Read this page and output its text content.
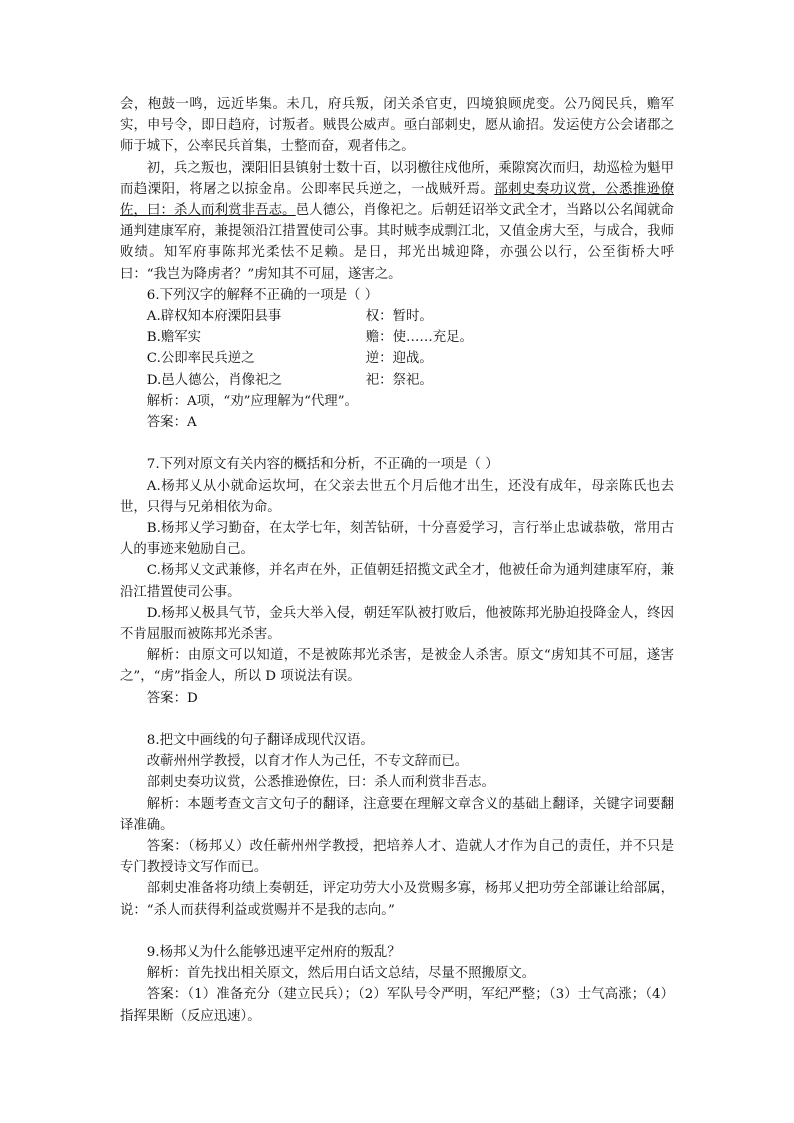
会，枹鼓一鸣，远近毕集。未几，府兵叛，闭关杀官吏，四境狼顾虎变。公乃阅民兵，赡军实，申号令，即日趋府，讨叛者。贼畏公威声。亟白部刺史，愿从谕招。发运使方公会诸郡之师于城下，公率民兵首集，士整而奋，观者伟之。

初，兵之叛也，溧阳旧县镇射士数十百，以羽檄往戍他所，乘隙窝次而归，劫巡检为魁甲而趋溧阳，将屠之以掠金帛。公即率民兵逆之，一战贼歼焉。部刺史奏功议赏，公悉推逊僚佐，曰：杀人而利赏非吾志。邑人德公，肖像祀之。后朝廷诏举文武全才，当路以公名闻就命通判建康军府，兼提领沿江措置使司公事。其时贼李成剽江北，又值金虏大至，与成合，我师败绩。知军府事陈邦光柔怯不足赖。是日，邦光出城迎降，亦强公以行，公至街桥大呼曰：“我岂为降虏者？”虏知其不可屈，遂害之。

6.下列汉字的解释不正确的一项是（ ）

A.辟权知本府溧阳县事	权：暂时。
B.赡军实	赡：使……充足。
C.公即率民兵逆之	逆：迎战。
D.邑人德公，肖像祀之	祀：祭祀。

解析：A项，“劝”应理解为“代理”。

答案：A

7.下列对原文有关内容的概括和分析，不正确的一项是（ ）

A.杨邦乂从小就命运坎坷，在父亲去世五个月后他才出生，还没有成年，母亲陈氏也去世，只得与兄弟相依为命。

B.杨邦乂学习勤奋，在太学七年，刻苦钻研，十分喜爱学习，言行举止忠诚恭敬，常用古人的事迹来勉励自己。

C.杨邦乂文武兼修，并名声在外，正值朝廷招揽文武全才，他被任命为通判建康军府，兼沿江措置使司公事。

D.杨邦乂极具气节，金兵大举入侵，朝廷军队被打败后，他被陈邦光胁迫投降金人，终因不肯屈服而被陈邦光杀害。

解析：由原文可以知道，不是被陈邦光杀害，是被金人杀害。原文“虏知其不可屈，遂害之”，“虏”指金人，所以 D 项说法有误。

答案：D

8.把文中画线的句子翻译成现代汉语。

改蕲州州学教授，以育才作人为己任，不专文辞而已。

部刺史奏功议赏，公悉推逊僚佐，曰：杀人而利赏非吾志。

解析：本题考查文言文句子的翻译，注意要在理解文章含义的基础上翻译，关键字词要翻译准确。

答案：（杨邦乂）改任蕲州州学教授，把培养人才、造就人才作为自己的责任，并不只是专门教授诗文写作而已。

部刺史准备将功绩上奏朝廷，评定功劳大小及赏赐多寡，杨邦乂把功劳全部谦让给部属，说：“杀人而获得利益或赏赐并不是我的志向。”

9.杨邦乂为什么能够迅速平定州府的叛乱？

解析：首先找出相关原文，然后用白话文总结，尽量不照搬原文。

答案：（1）准备充分（建立民兵）；（2）军队号令严明，军纪严整；（3）士气高涨；（4）指挥果断（反应迅速）。
